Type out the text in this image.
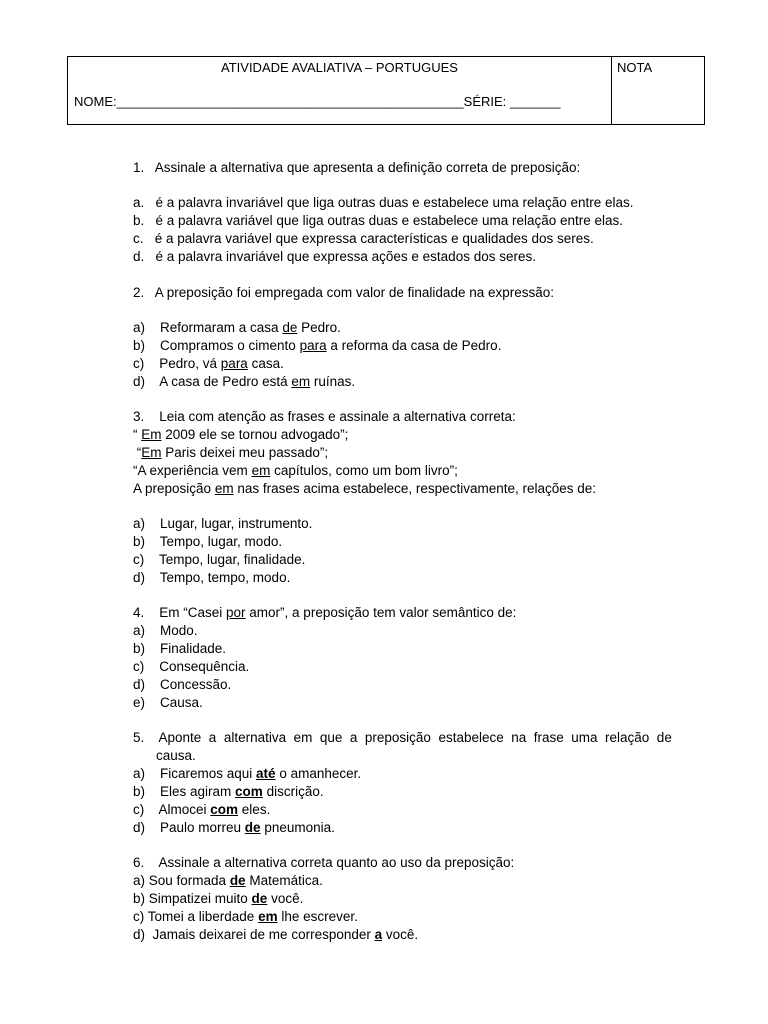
ATIVIDADE AVALIATIVA – PORTUGUES
NOME:________________________________________________SÉRIE: _______
NOTA
1.   Assinale a alternativa que apresenta a definição correta de preposição:
a.   é a palavra invariável que liga outras duas e estabelece uma relação entre elas.
b.   é a palavra variável que liga outras duas e estabelece uma relação entre elas.
c.   é a palavra variável que expressa características e qualidades dos seres.
d.   é a palavra invariável que expressa ações e estados dos seres.
2.   A preposição foi empregada com valor de finalidade na expressão:
a)    Reformaram a casa de Pedro.
b)    Compramos o cimento para a reforma da casa de Pedro.
c)    Pedro, vá para casa.
d)    A casa de Pedro está em ruínas.
3.    Leia com atenção as frases e assinale a alternativa correta:
“ Em 2009 ele se tornou advogado”;
“Em Paris deixei meu passado”;
“A experiência vem em capítulos, como um bom livro”;
A preposição em nas frases acima estabelece, respectivamente, relações de:
a)    Lugar, lugar, instrumento.
b)    Tempo, lugar, modo.
c)    Tempo, lugar, finalidade.
d)    Tempo, tempo, modo.
4.    Em “Casei por amor”, a preposição tem valor semântico de:
a)    Modo.
b)    Finalidade.
c)    Consequência.
d)    Concessão.
e)    Causa.
5.    Aponte  a  alternativa  em  que  a  preposição  estabelece  na  frase  uma  relação  de
causa.
a)    Ficaremos aqui até o amanhecer.
b)    Eles agiram com discrição.
c)    Almocei com eles.
d)    Paulo morreu de pneumonia.
6.    Assinale a alternativa correta quanto ao uso da preposição:
a) Sou formada de Matemática.
b) Simpatizei muito de você.
c) Tomei a liberdade em lhe escrever.
d)  Jamais deixarei de me corresponder a você.
